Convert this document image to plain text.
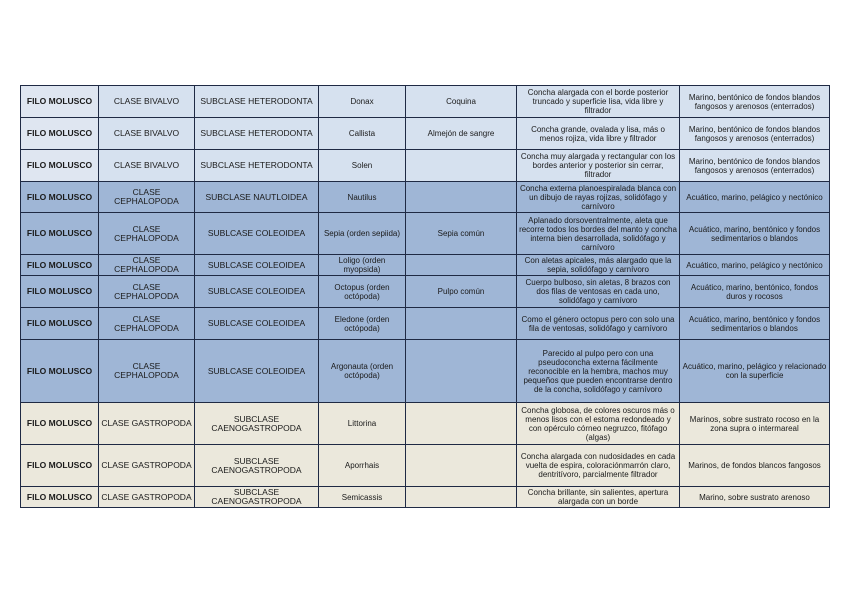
FILO MOLUSCO	CLASE BIVALVO	SUBCLASE HETERODONTA	Donax	Coquina	Concha alargada con el borde posterior truncado y superficie lisa, vida libre y filtrador	Marino, bentónico de fondos blandos fangosos y arenosos (enterrados)
FILO MOLUSCO	CLASE BIVALVO	SUBCLASE HETERODONTA	Callista	Almejón de sangre	Concha grande, ovalada y lisa, más o menos rojiza, vida libre y filtrador	Marino, bentónico de fondos blandos fangosos y arenosos (enterrados)
FILO MOLUSCO	CLASE BIVALVO	SUBCLASE HETERODONTA	Solen		Concha muy alargada y rectangular con los bordes anterior y posterior sin cerrar, filtrador	Marino, bentónico de fondos blandos fangosos y arenosos (enterrados)
FILO MOLUSCO	CLASE CEPHALOPODA	SUBCLASE NAUTLOIDEA	Nautilus		Concha externa planoespiralada blanca con un dibujo de rayas rojizas, solidófago y carnívoro	Acuático, marino, pelágico y nectónico
FILO MOLUSCO	CLASE CEPHALOPODA	SUBLCASE COLEOIDEA	Sepia (orden sepiida)	Sepia común	Aplanado dorsoventralmente, aleta que recorre todos los bordes del manto y concha interna bien desarrollada, solidófago y carnívoro	Acuático, marino, bentónico y fondos sedimentarios o blandos
FILO MOLUSCO	CLASE CEPHALOPODA	SUBLCASE COLEOIDEA	Loligo (orden myopsida)		Con aletas apicales, más alargado que la sepia, solidófago y carnívoro	Acuático, marino, pelágico y nectónico
FILO MOLUSCO	CLASE CEPHALOPODA	SUBLCASE COLEOIDEA	Octopus (orden octópoda)	Pulpo común	Cuerpo bulboso, sin aletas, 8 brazos con dos filas de ventosas en cada uno, solidófago y carnívoro	Acuático, marino, bentónico, fondos duros y rocosos
FILO MOLUSCO	CLASE CEPHALOPODA	SUBLCASE COLEOIDEA	Eledone (orden octópoda)		Como el género octopus pero con solo una fila de ventosas, solidófago y carnívoro	Acuático, marino, bentónico y fondos sedimentarios o blandos
FILO MOLUSCO	CLASE CEPHALOPODA	SUBLCASE COLEOIDEA	Argonauta (orden octópoda)		Parecido al pulpo pero con una pseudoconcha externa fácilmente reconocible en la hembra, machos muy pequeños que pueden encontrarse dentro de la concha, solidófago y carnívoro	Acuático, marino, pelágico y relacionado con la superficie
FILO MOLUSCO	CLASE GASTROPODA	SUBCLASE CAENOGASTROPODA	Littorina		Concha globosa, de colores oscuros más o menos lisos con el estoma redondeado y con opérculo córneo negruzco, fitófago (algas)	Marinos, sobre sustrato rocoso en la zona supra o intermareal
FILO MOLUSCO	CLASE GASTROPODA	SUBCLASE CAENOGASTROPODA	Aporrhais		Concha alargada con nudosidades en cada vuelta de espira, coloraciónmarrón claro, dentritívoro, parcialmente filtrador	Marinos, de fondos blancos fangosos
FILO MOLUSCO	CLASE GASTROPODA	SUBCLASE CAENOGASTROPODA	Semicassis		Concha brillante, sin salientes, apertura alargada con un borde	Marino, sobre sustrato arenoso
